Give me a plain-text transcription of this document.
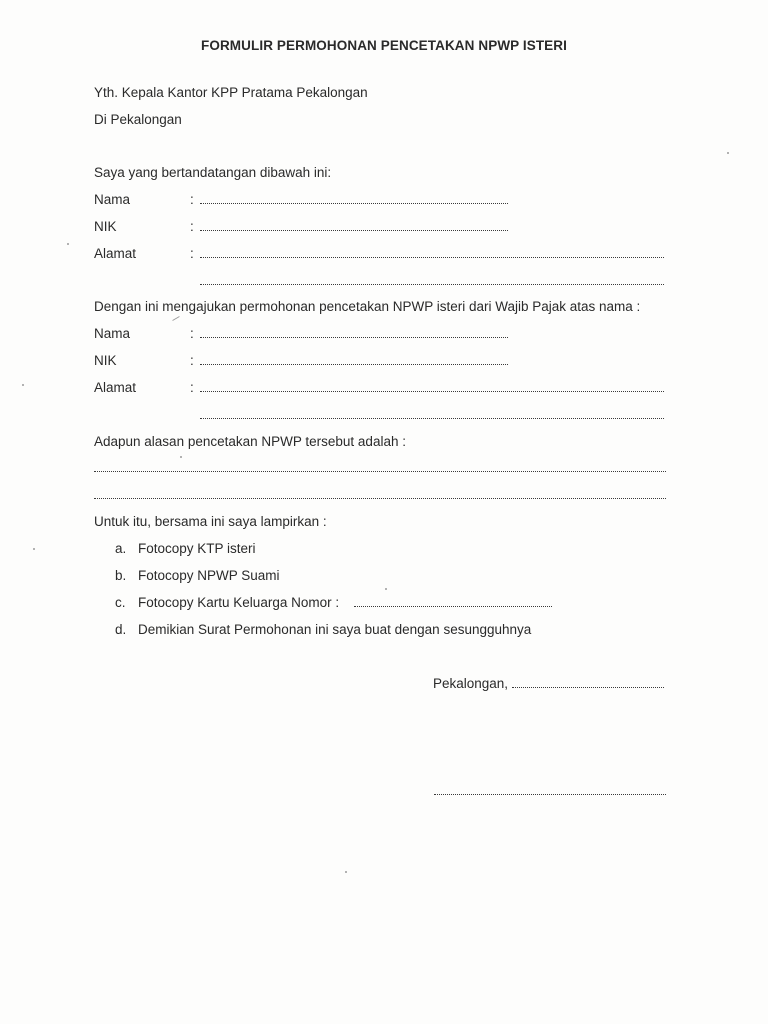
FORMULIR PERMOHONAN PENCETAKAN NPWP ISTERI
Yth. Kepala Kantor KPP Pratama Pekalongan
Di Pekalongan
Saya yang bertandatangan dibawah ini:
Nama	:
NIK	:
Alamat	:
Dengan ini mengajukan permohonan pencetakan NPWP isteri dari Wajib Pajak atas nama :
Nama	:
NIK	:
Alamat	:
Adapun alasan pencetakan NPWP tersebut adalah :
Untuk itu, bersama ini saya lampirkan :
a. Fotocopy KTP isteri
b. Fotocopy NPWP Suami
c. Fotocopy Kartu Keluarga Nomor :
d. Demikian Surat Permohonan ini saya buat dengan sesungguhnya
Pekalongan,
